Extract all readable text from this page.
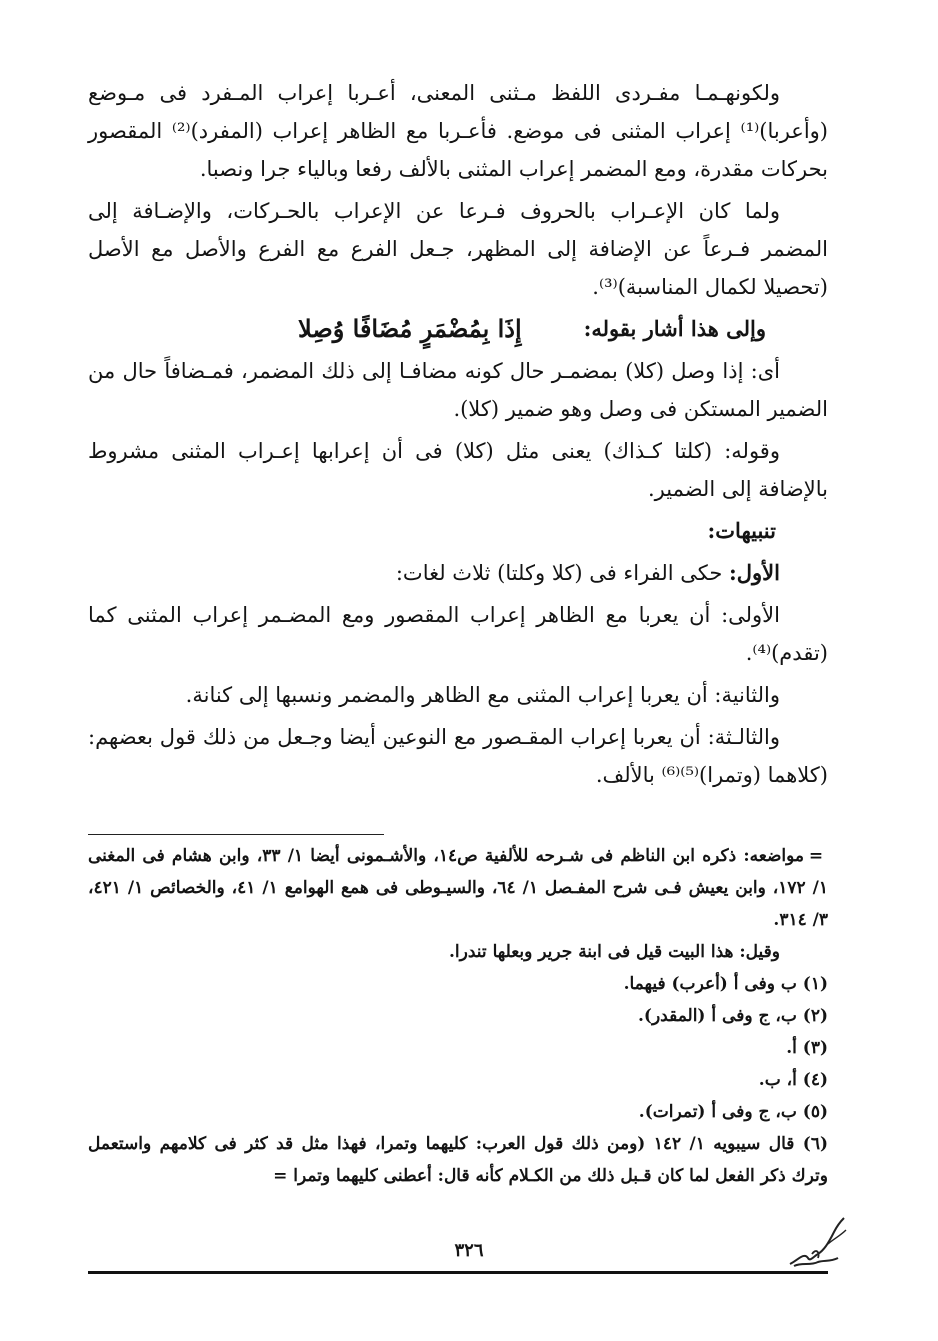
ولكونهـمـا مفـردى اللفظ مـثنى المعنى، أعـربا إعراب المـفرد فى مـوضع (وأعربا)⁽¹⁾ إعراب المثنى فى موضع. فأعـربا مع الظاهر إعراب (المفرد)⁽²⁾ المقصور بحركات مقدرة، ومع المضمر إعراب المثنى بالألف رفعا وبالياء جرا ونصبا.

ولما كان الإعـراب بالحروف فـرعا عن الإعراب بالحـركات، والإضـافة إلى المضمر فـرعاً عن الإضافة إلى المظهر، جـعل الفرع مع الفرع والأصل مع الأصل (تحصيلا لكمال المناسبة)⁽³⁾.

وإلى هذا أشار بقوله:
إِذَا بِمُضْمَرٍ مُضَافًا وُصِلا

أى: إذا وصل (كلا) بمضمـر حال كونه مضافـا إلى ذلك المضمر، فمـضافاً حال من الضمير المستكن فى وصل وهو ضمير (كلا).

وقوله: (كلتا كـذاك) يعنى مثل (كلا) فى أن إعرابها إعـراب المثنى مشروط بالإضافة إلى الضمير.

تنبيهات:

الأول: حكى الفراء فى (كلا وكلتا) ثلاث لغات:

الأولى: أن يعربا مع الظاهر إعراب المقصور ومع المضـمر إعراب المثنى كما (تقدم)⁽⁴⁾.

والثانية: أن يعربا إعراب المثنى مع الظاهر والمضمر ونسبها إلى كنانة.

والثالـثة: أن يعربا إعراب المقـصور مع النوعين أيضا وجـعل من ذلك قول بعضهم: (كلاهما (وتمرا)⁽⁵⁾⁽⁶⁾ بالألف.

=مواضعه: ذكره ابن الناظم فى شـرحه للألفية ص١٤، والأشـمونى أيضا ١/ ٣٣، وابن هشام فى المغنى ١/ ١٧٢، وابن يعيش فـى شرح المفـصل ١/ ٦٤، والسيـوطى فى همع الهوامع ١/ ٤١، والخصائص ١/ ٤٢١، ٣/ ٣١٤.

وقيل: هذا البيت قيل فى ابنة جرير وبعلها تندرا.

(١) ب وفى أ (أعرب) فيهما.

(٢) ب، ج وفى أ (المقدر).

(٣) أ.

(٤) أ، ب.

(٥) ب، ج وفى أ (تمرات).

(٦) قال سيبويه ١/ ١٤٢ (ومن ذلك قول العرب: كليهما وتمرا، فهذا مثل قد كثر فى كلامهم واستعمل وترك ذكر الفعل لما كان قـبل ذلك من الكـلام كأنه قال: أعطنى كليهما وتمرا =

٣٢٦
